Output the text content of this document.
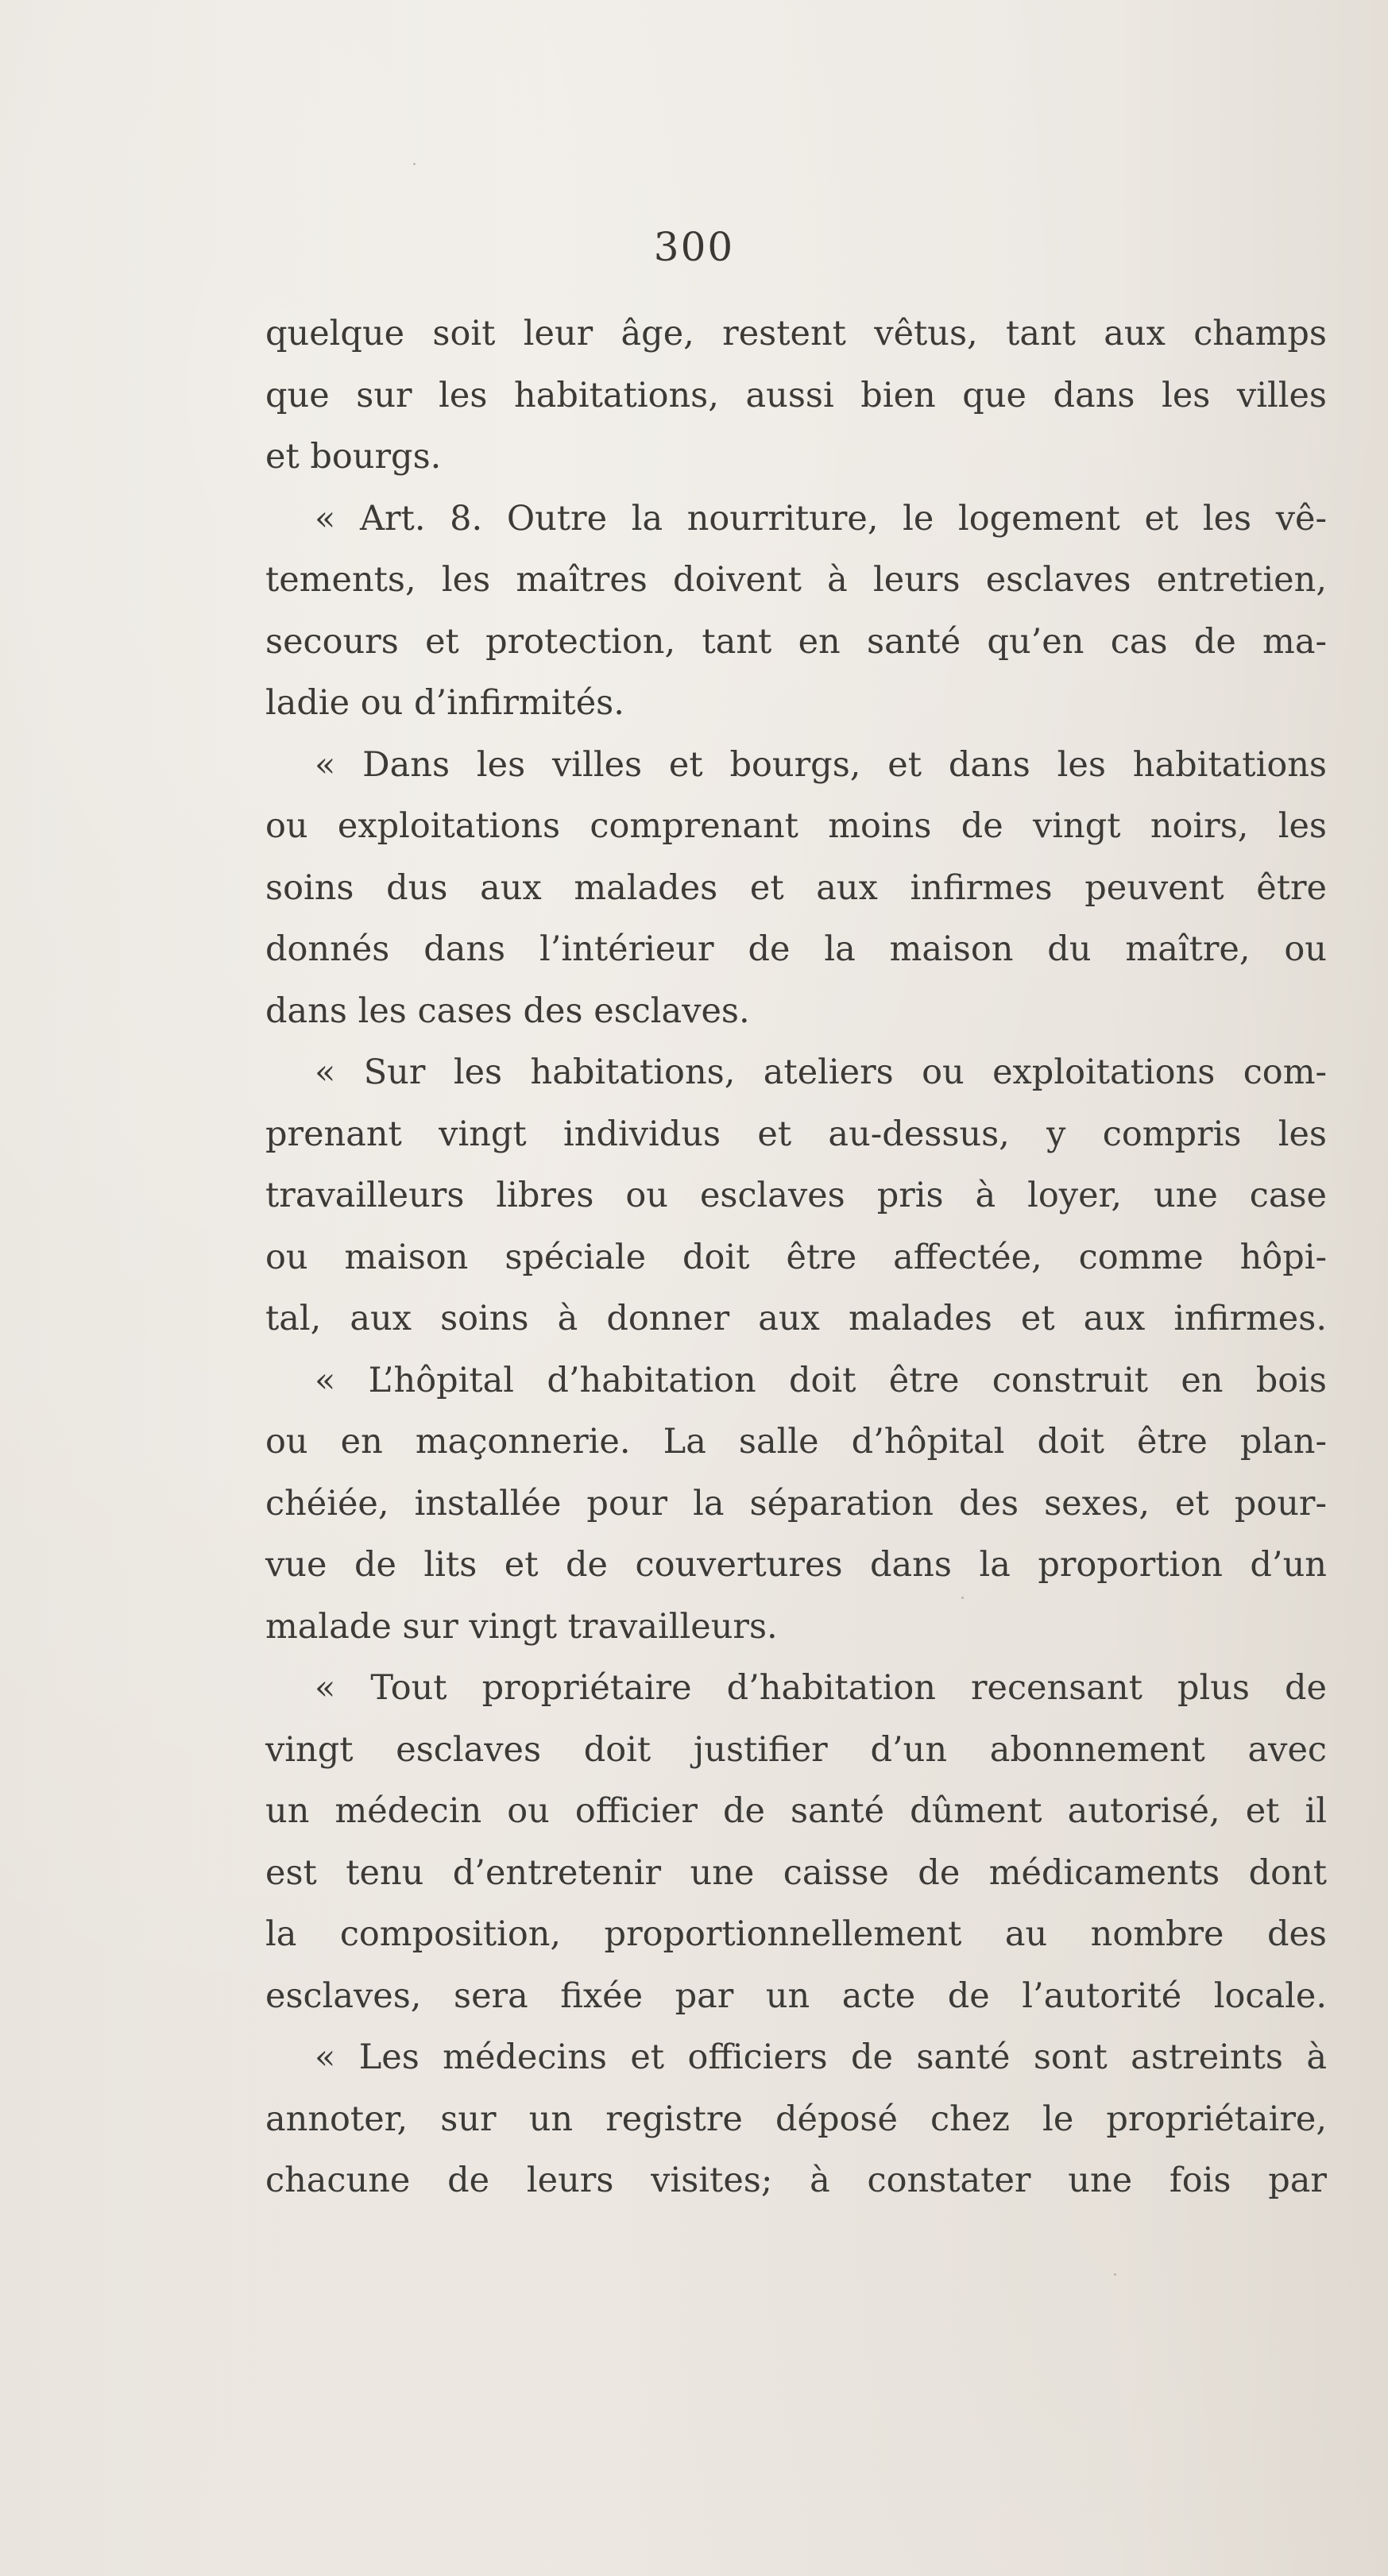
300
quelque soit leur âge, restent vêtus, tant aux champs
que sur les habitations, aussi bien que dans les villes
et bourgs.
« Art. 8. Outre la nourriture, le logement et les vê-
tements, les maîtres doivent à leurs esclaves entretien,
secours et protection, tant en santé qu’en cas de ma-
ladie ou d’infirmités.
« Dans les villes et bourgs, et dans les habitations
ou exploitations comprenant moins de vingt noirs, les
soins dus aux malades et aux infirmes peuvent être
donnés dans l’intérieur de la maison du maître, ou
dans les cases des esclaves.
« Sur les habitations, ateliers ou exploitations com-
prenant vingt individus et au-dessus, y compris les
travailleurs libres ou esclaves pris à loyer, une case
ou maison spéciale doit être affectée, comme hôpi-
tal, aux soins à donner aux malades et aux infirmes.
« L’hôpital d’habitation doit être construit en bois
ou en maçonnerie. La salle d’hôpital doit être plan-
chéiée, installée pour la séparation des sexes, et pour-
vue de lits et de couvertures dans la proportion d’un
malade sur vingt travailleurs.
« Tout propriétaire d’habitation recensant plus de
vingt esclaves doit justifier d’un abonnement avec
un médecin ou officier de santé dûment autorisé, et il
est tenu d’entretenir une caisse de médicaments dont
la composition, proportionnellement au nombre des
esclaves, sera fixée par un acte de l’autorité locale.
« Les médecins et officiers de santé sont astreints à
annoter, sur un registre déposé chez le propriétaire,
chacune de leurs visites; à constater une fois par
